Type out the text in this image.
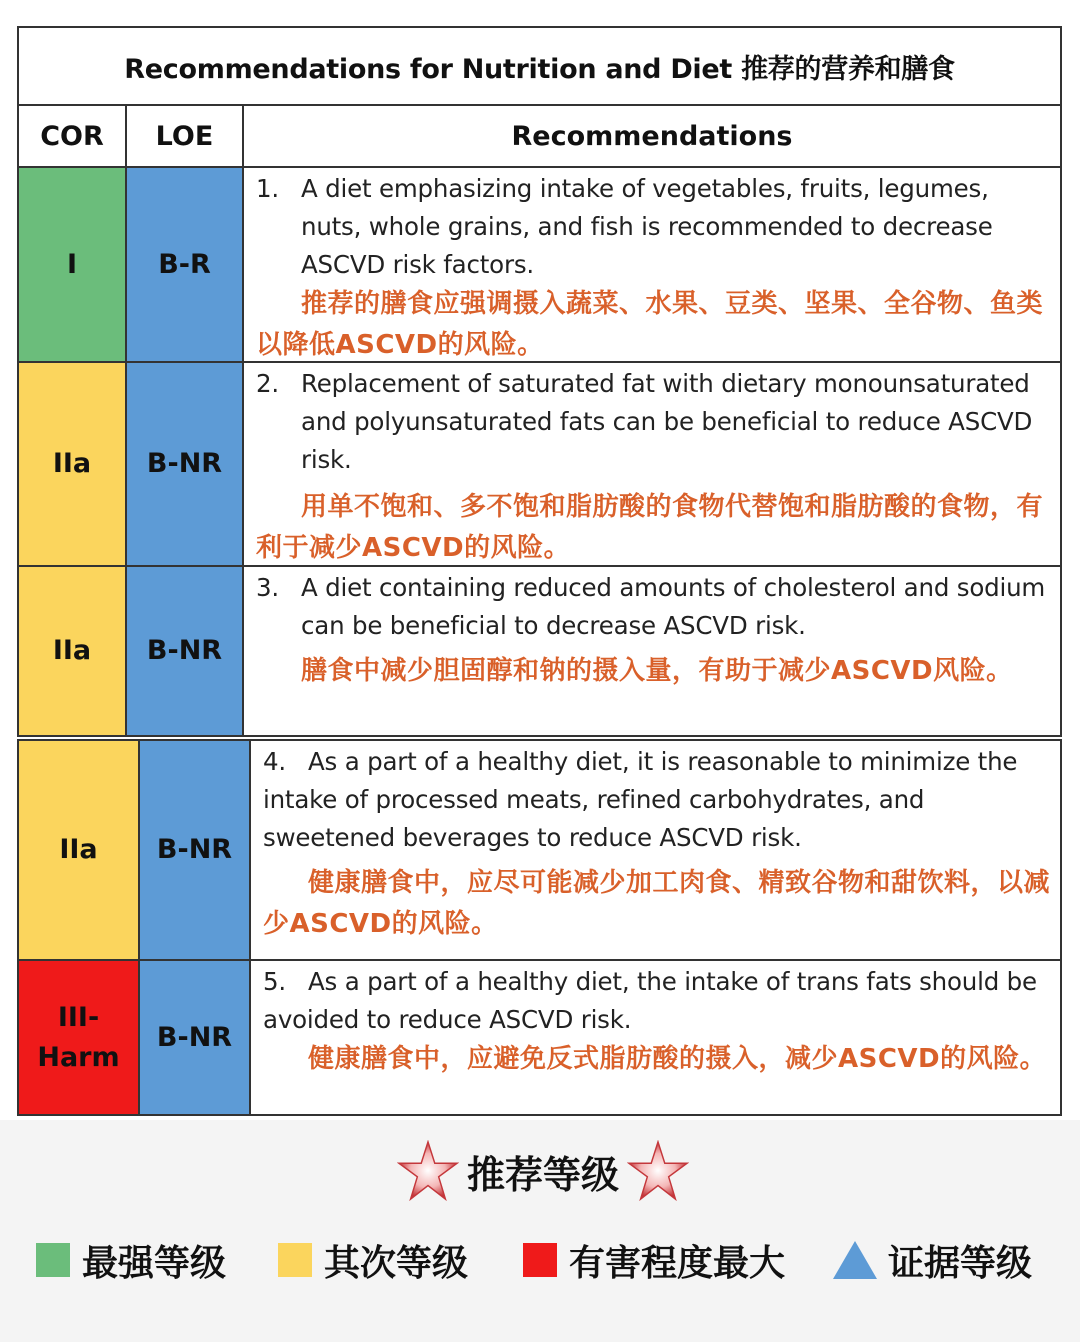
Recommendations for Nutrition and Diet 推荐的营养和膳食
COR	LOE	Recommendations
I	B-R
1. A diet emphasizing intake of vegetables, fruits, legumes, nuts, whole grains, and fish is recommended to decrease ASCVD risk factors.
推荐的膳食应强调摄入蔬菜、水果、豆类、坚果、全谷物、鱼类以降低ASCVD的风险。
IIa	B-NR
2. Replacement of saturated fat with dietary monounsaturated and polyunsaturated fats can be beneficial to reduce ASCVD risk.
用单不饱和、多不饱和脂肪酸的食物代替饱和脂肪酸的食物，有利于减少ASCVD的风险。
IIa	B-NR
3. A diet containing reduced amounts of cholesterol and sodium can be beneficial to decrease ASCVD risk.
膳食中减少胆固醇和钠的摄入量，有助于减少ASCVD风险。
IIa	B-NR
4. As a part of a healthy diet, it is reasonable to minimize the intake of processed meats, refined carbohydrates, and sweetened beverages to reduce ASCVD risk.
健康膳食中，应尽可能减少加工肉食、精致谷物和甜饮料，以减少ASCVD的风险。
III-Harm
B-NR
5. As a part of a healthy diet, the intake of trans fats should be avoided to reduce ASCVD risk.
健康膳食中，应避免反式脂肪酸的摄入，减少ASCVD的风险。
推荐等级
最强等级	其次等级	有害程度最大	证据等级
